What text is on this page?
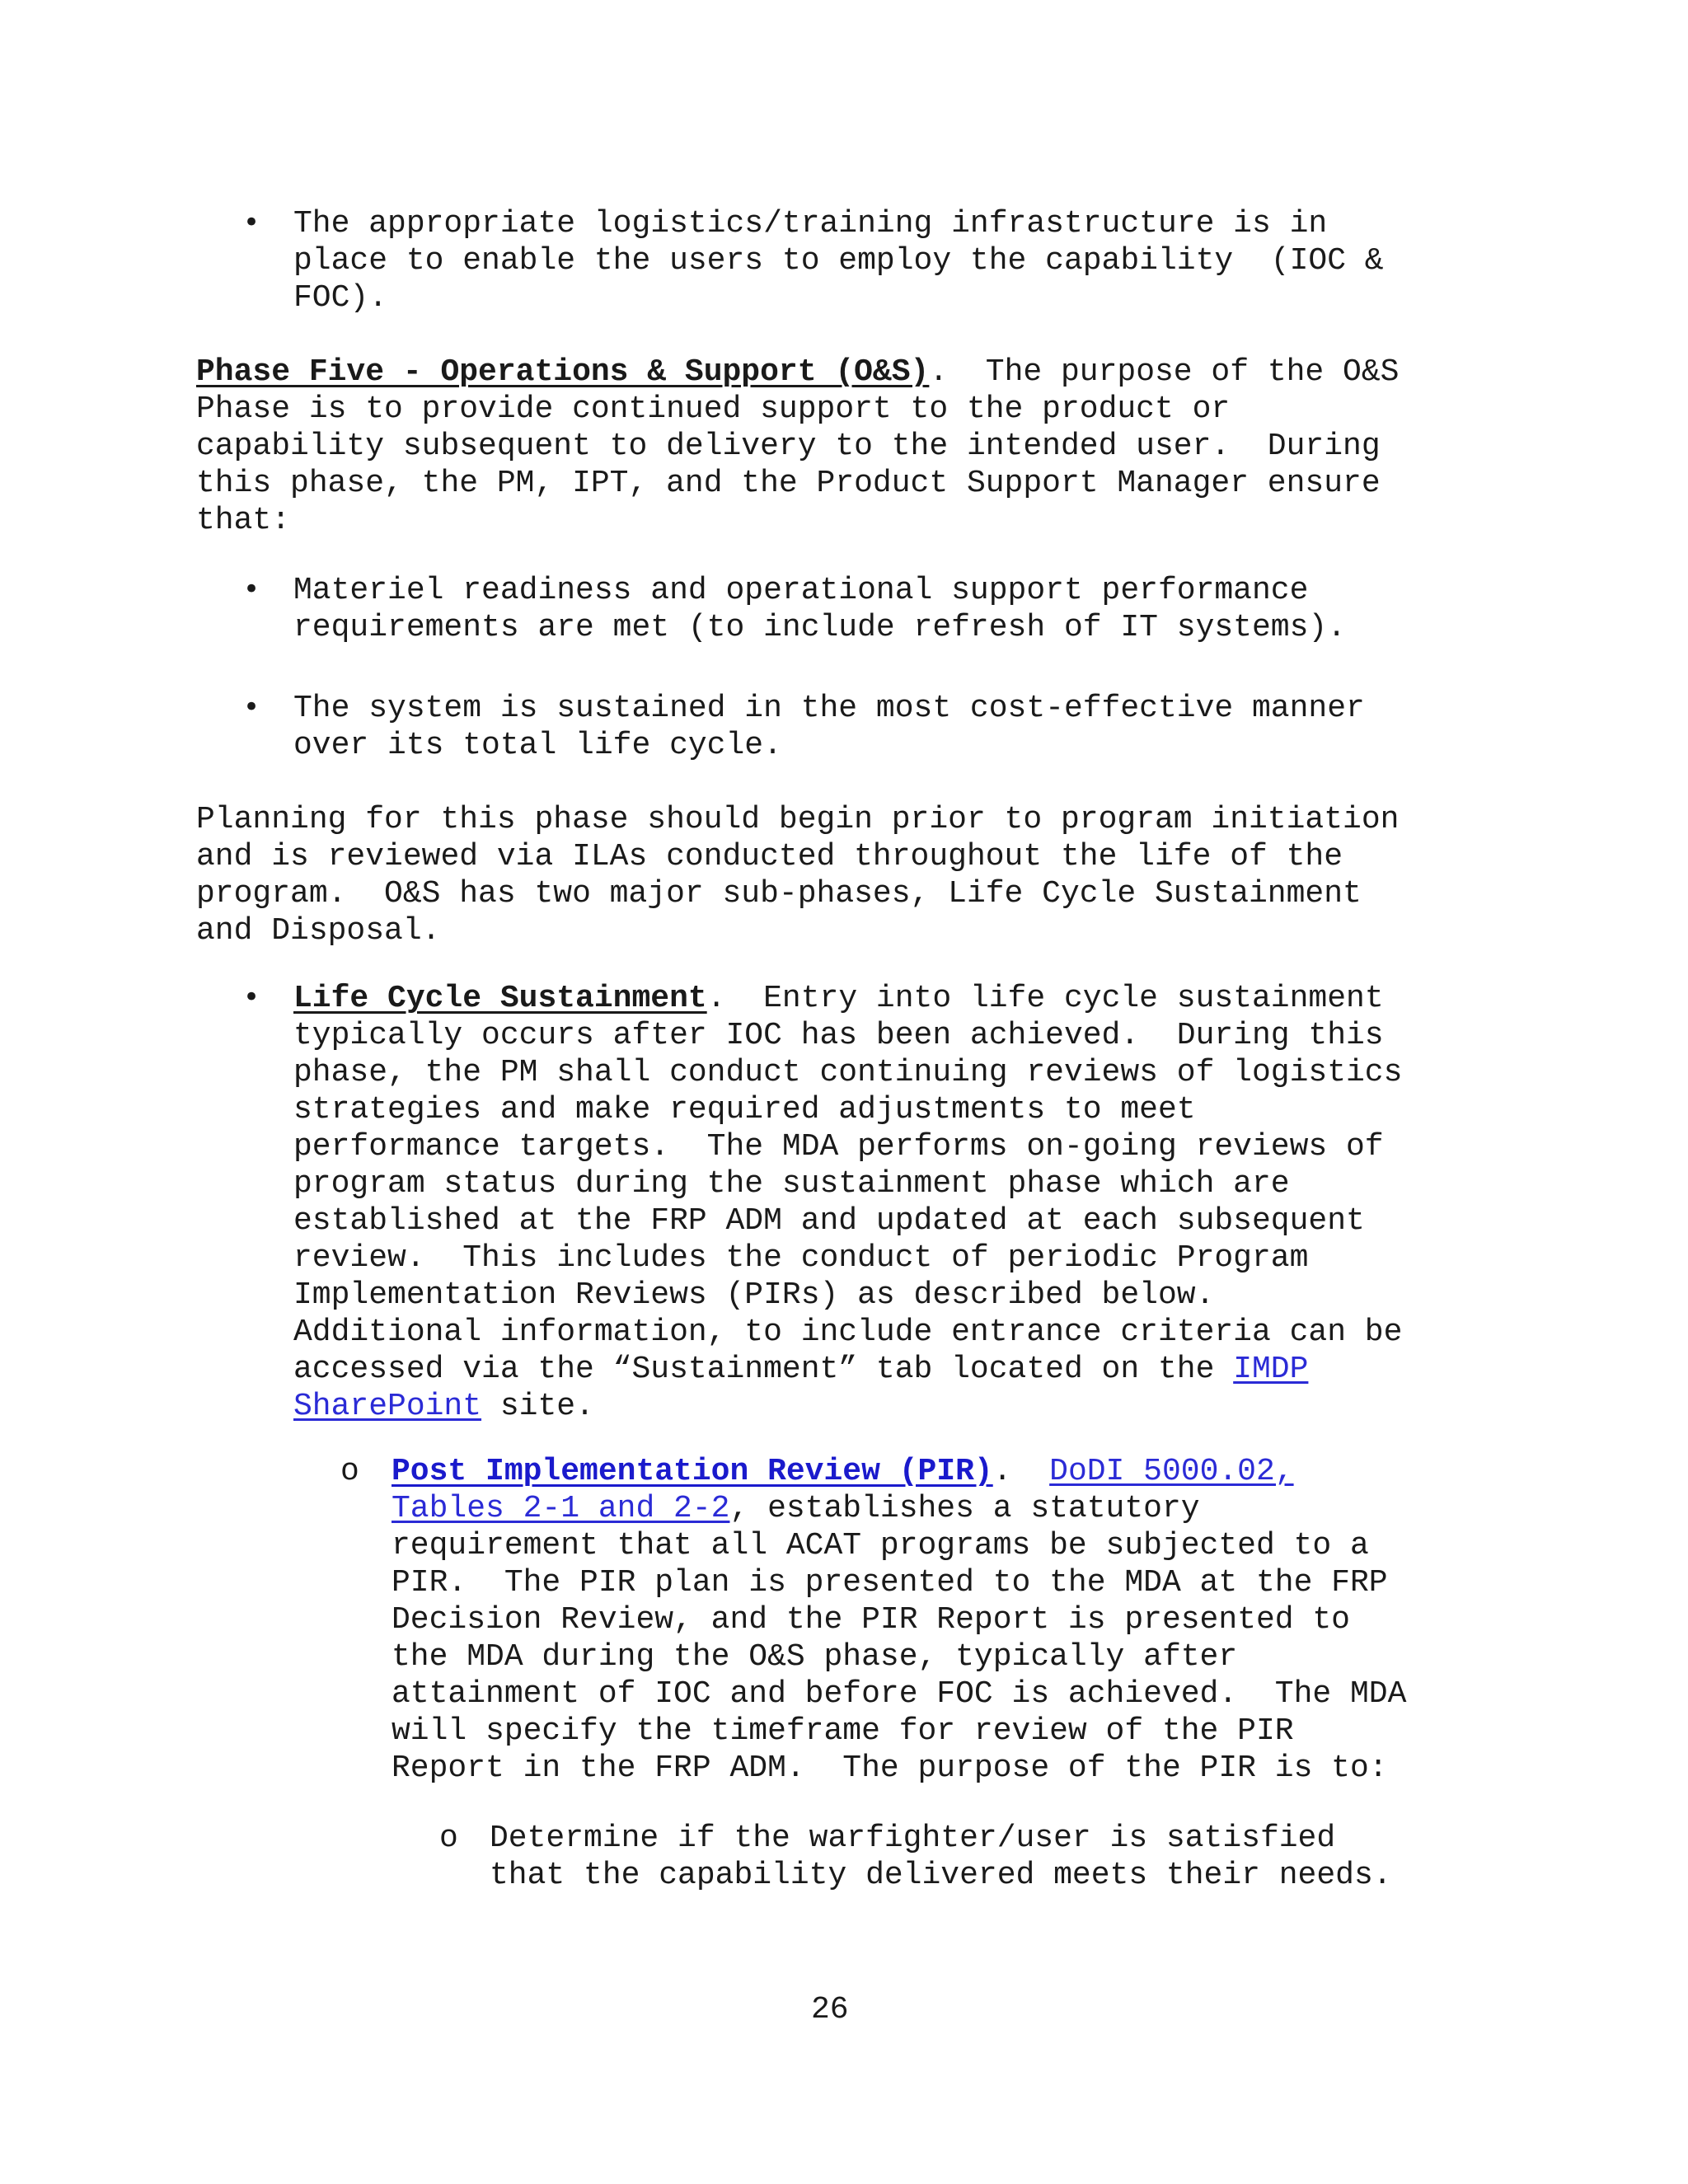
• The appropriate logistics/training infrastructure is in
place to enable the users to employ the capability  (IOC &
FOC).
Phase Five - Operations & Support (O&S).  The purpose of the O&S
Phase is to provide continued support to the product or
capability subsequent to delivery to the intended user.  During
this phase, the PM, IPT, and the Product Support Manager ensure
that:
• Materiel readiness and operational support performance
requirements are met (to include refresh of IT systems).
• The system is sustained in the most cost-effective manner
over its total life cycle.
Planning for this phase should begin prior to program initiation
and is reviewed via ILAs conducted throughout the life of the
program.  O&S has two major sub-phases, Life Cycle Sustainment
and Disposal.
• Life Cycle Sustainment.  Entry into life cycle sustainment
typically occurs after IOC has been achieved.  During this
phase, the PM shall conduct continuing reviews of logistics
strategies and make required adjustments to meet
performance targets.  The MDA performs on-going reviews of
program status during the sustainment phase which are
established at the FRP ADM and updated at each subsequent
review.  This includes the conduct of periodic Program
Implementation Reviews (PIRs) as described below.
Additional information, to include entrance criteria can be
accessed via the “Sustainment” tab located on the IMDP
SharePoint site.
o Post Implementation Review (PIR).  DoDI 5000.02,
Tables 2-1 and 2-2, establishes a statutory
requirement that all ACAT programs be subjected to a
PIR.  The PIR plan is presented to the MDA at the FRP
Decision Review, and the PIR Report is presented to
the MDA during the O&S phase, typically after
attainment of IOC and before FOC is achieved.  The MDA
will specify the timeframe for review of the PIR
Report in the FRP ADM.  The purpose of the PIR is to:
o Determine if the warfighter/user is satisfied
that the capability delivered meets their needs.
26
